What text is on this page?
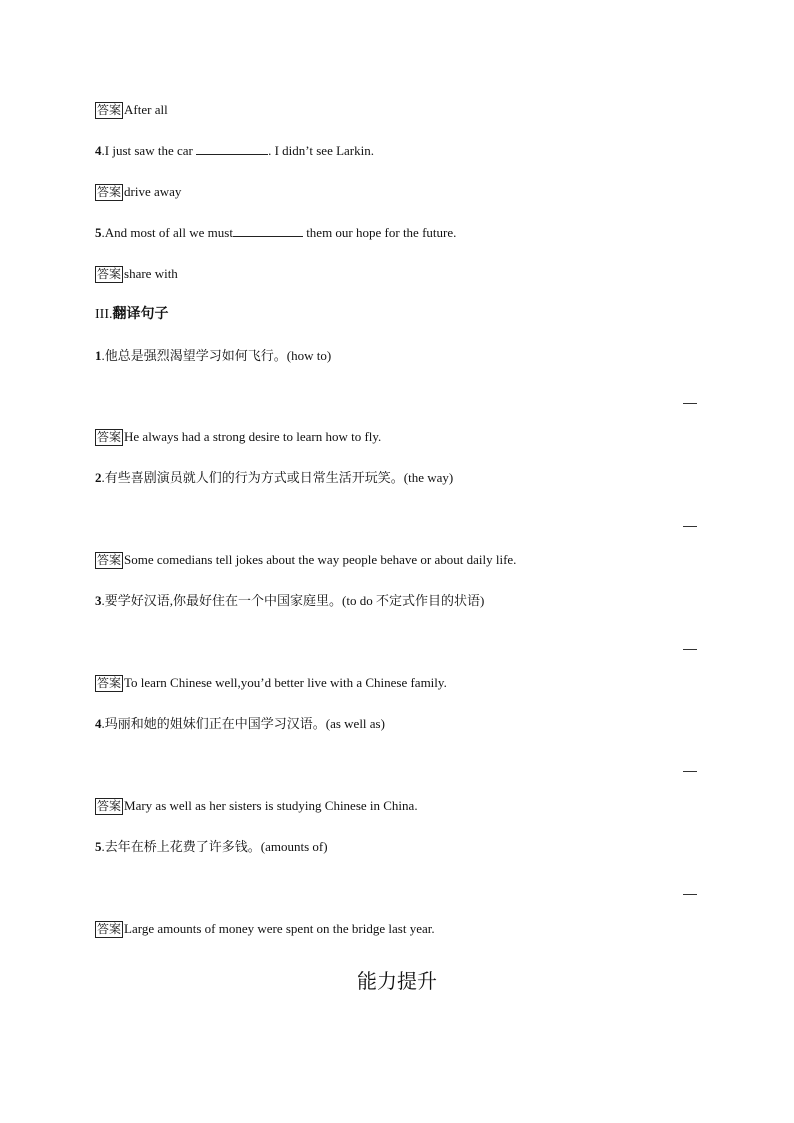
答案 After all
4.I just saw the car	. I didn’t see Larkin.
答案 drive away
5.And most of all we must	them our hope for the future.
答案 share with
III.翻译句子
1.他总是强烈渴望学习如何飞行。(how to)
答案 He always had a strong desire to learn how to fly.
2.有些喜剧演员就人们的行为方式或日常生活开玩笑。(the way)
答案 Some comedians tell jokes about the way people behave or about daily life.
3.要学好汉语,你最好住在一个中国家庭里。(to do 不定式作目的状语)
答案 To learn Chinese well,you’d better live with a Chinese family.
4.玛丽和她的姐妹们正在中国学习汉语。(as well as)
答案 Mary as well as her sisters is studying Chinese in China.
5.去年在桥上花费了许多钱。(amounts of)
答案 Large amounts of money were spent on the bridge last year.
能力提升
